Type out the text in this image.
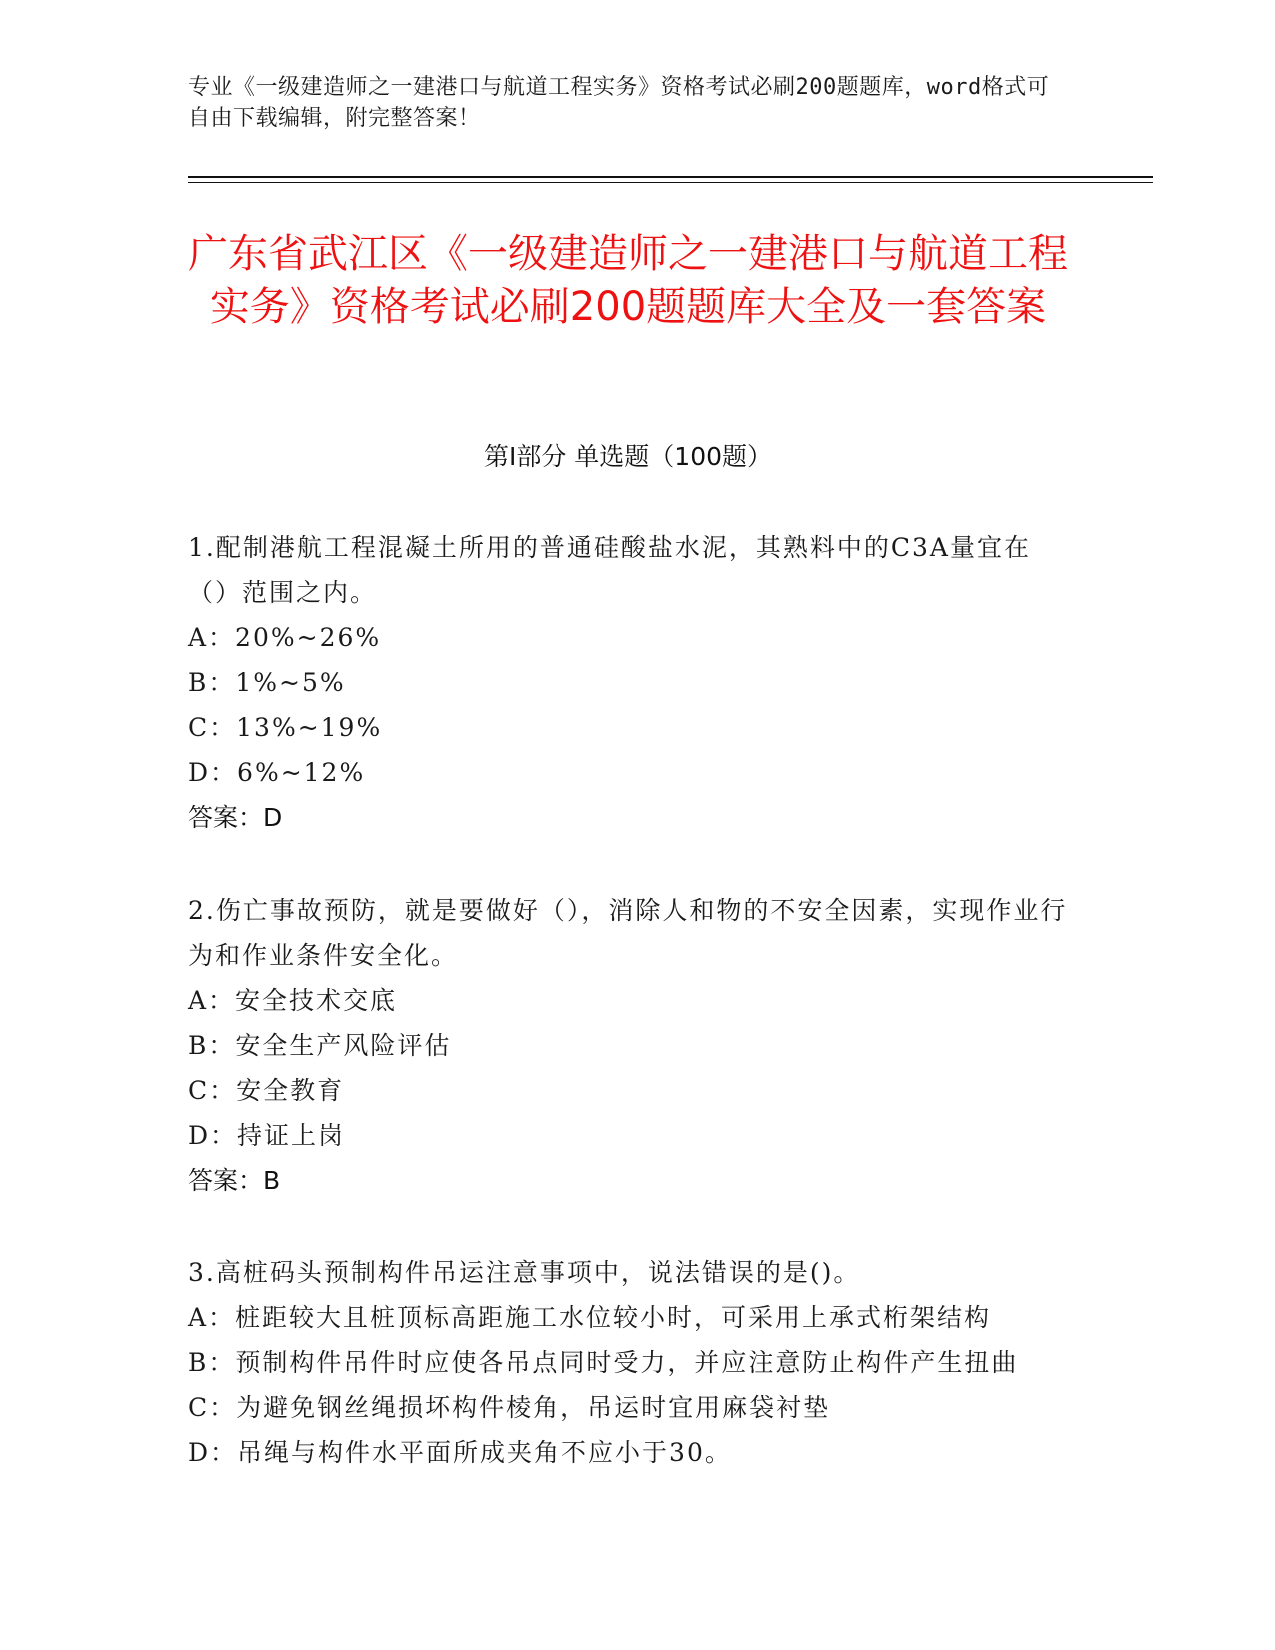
专业《一级建造师之一建港口与航道工程实务》资格考试必刷200题题库，word格式可自由下载编辑，附完整答案！

广东省武江区《一级建造师之一建港口与航道工程实务》资格考试必刷200题题库大全及一套答案
第Ⅰ部分 单选题（100题）

1.配制港航工程混凝土所用的普通硅酸盐水泥，其熟料中的C3A量宜在（）范围之内。

A：20%~26%

B：1%~5%

C：13%~19%

D：6%~12%

答案：D

2.伤亡事故预防，就是要做好（），消除人和物的不安全因素，实现作业行为和作业条件安全化。

A：安全技术交底

B：安全生产风险评估

C：安全教育

D：持证上岗

答案：B

3.高桩码头预制构件吊运注意事项中，说法错误的是()。

A：桩距较大且桩顶标高距施工水位较小时，可采用上承式桁架结构

B：预制构件吊件时应使各吊点同时受力，并应注意防止构件产生扭曲

C：为避免钢丝绳损坏构件棱角，吊运时宜用麻袋衬垫

D：吊绳与构件水平面所成夹角不应小于30。
